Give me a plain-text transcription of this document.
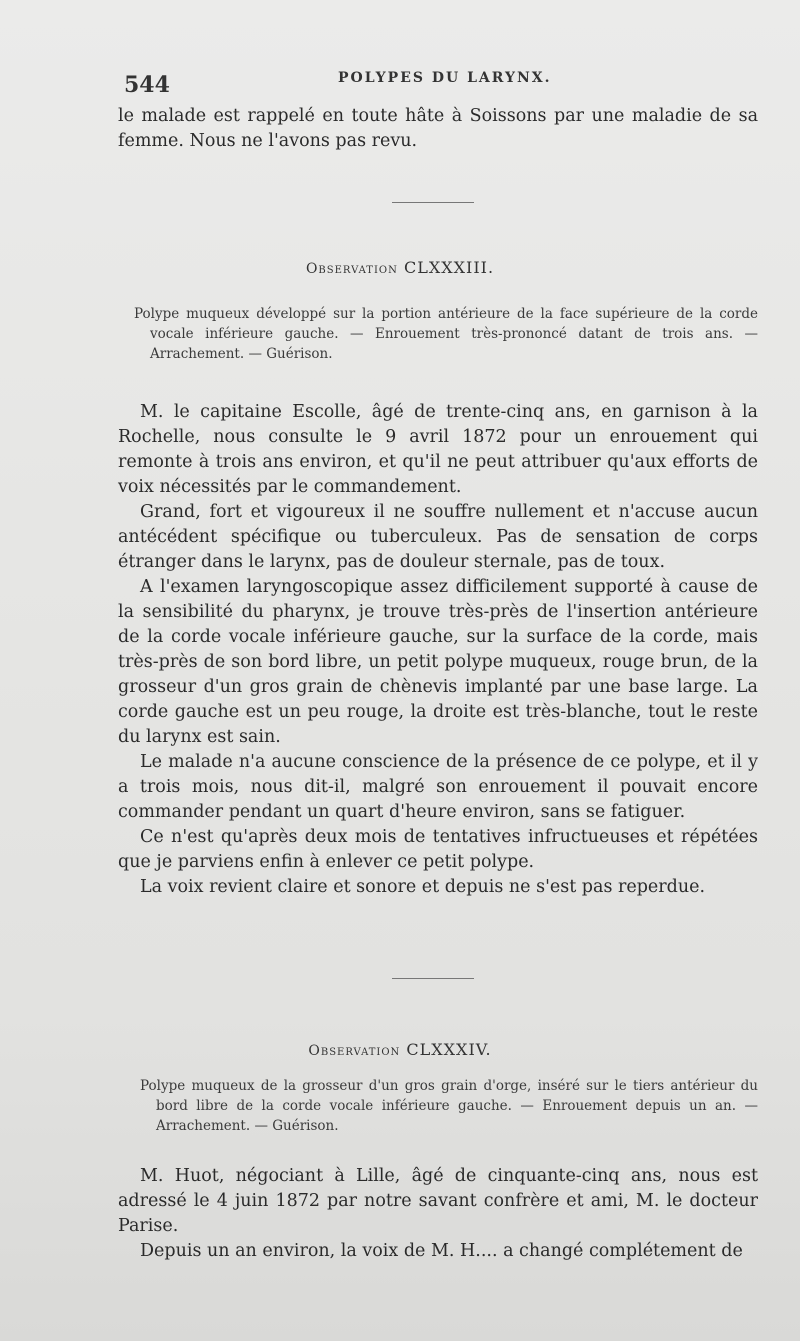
544	POLYPES DU LARYNX.

le malade est rappelé en toute hâte à Soissons par une maladie de sa femme. Nous ne l'avons pas revu.

Observation CLXXXIII.

Polype muqueux développé sur la portion antérieure de la face supérieure de la corde vocale inférieure gauche. — Enrouement très-prononcé datant de trois ans. — Arrachement. — Guérison.

M. le capitaine Escolle, âgé de trente-cinq ans, en garnison à la Rochelle, nous consulte le 9 avril 1872 pour un enrouement qui remonte à trois ans environ, et qu'il ne peut attribuer qu'aux efforts de voix nécessités par le commandement.

Grand, fort et vigoureux il ne souffre nullement et n'accuse aucun antécédent spécifique ou tuberculeux. Pas de sensation de corps étranger dans le larynx, pas de douleur sternale, pas de toux.

A l'examen laryngoscopique assez difficilement supporté à cause de la sensibilité du pharynx, je trouve très-près de l'insertion antérieure de la corde vocale inférieure gauche, sur la surface de la corde, mais très-près de son bord libre, un petit polype muqueux, rouge brun, de la grosseur d'un gros grain de chènevis implanté par une base large. La corde gauche est un peu rouge, la droite est très-blanche, tout le reste du larynx est sain.

Le malade n'a aucune conscience de la présence de ce polype, et il y a trois mois, nous dit-il, malgré son enrouement il pouvait encore commander pendant un quart d'heure environ, sans se fatiguer.

Ce n'est qu'après deux mois de tentatives infructueuses et répétées que je parviens enfin à enlever ce petit polype.

La voix revient claire et sonore et depuis ne s'est pas reperdue.

Observation CLXXXIV.

Polype muqueux de la grosseur d'un gros grain d'orge, inséré sur le tiers antérieur du bord libre de la corde vocale inférieure gauche. — Enrouement depuis un an. — Arrachement. — Guérison.

M. Huot, négociant à Lille, âgé de cinquante-cinq ans, nous est adressé le 4 juin 1872 par notre savant confrère et ami, M. le docteur Parise.

Depuis un an environ, la voix de M. H.... a changé complétement de
